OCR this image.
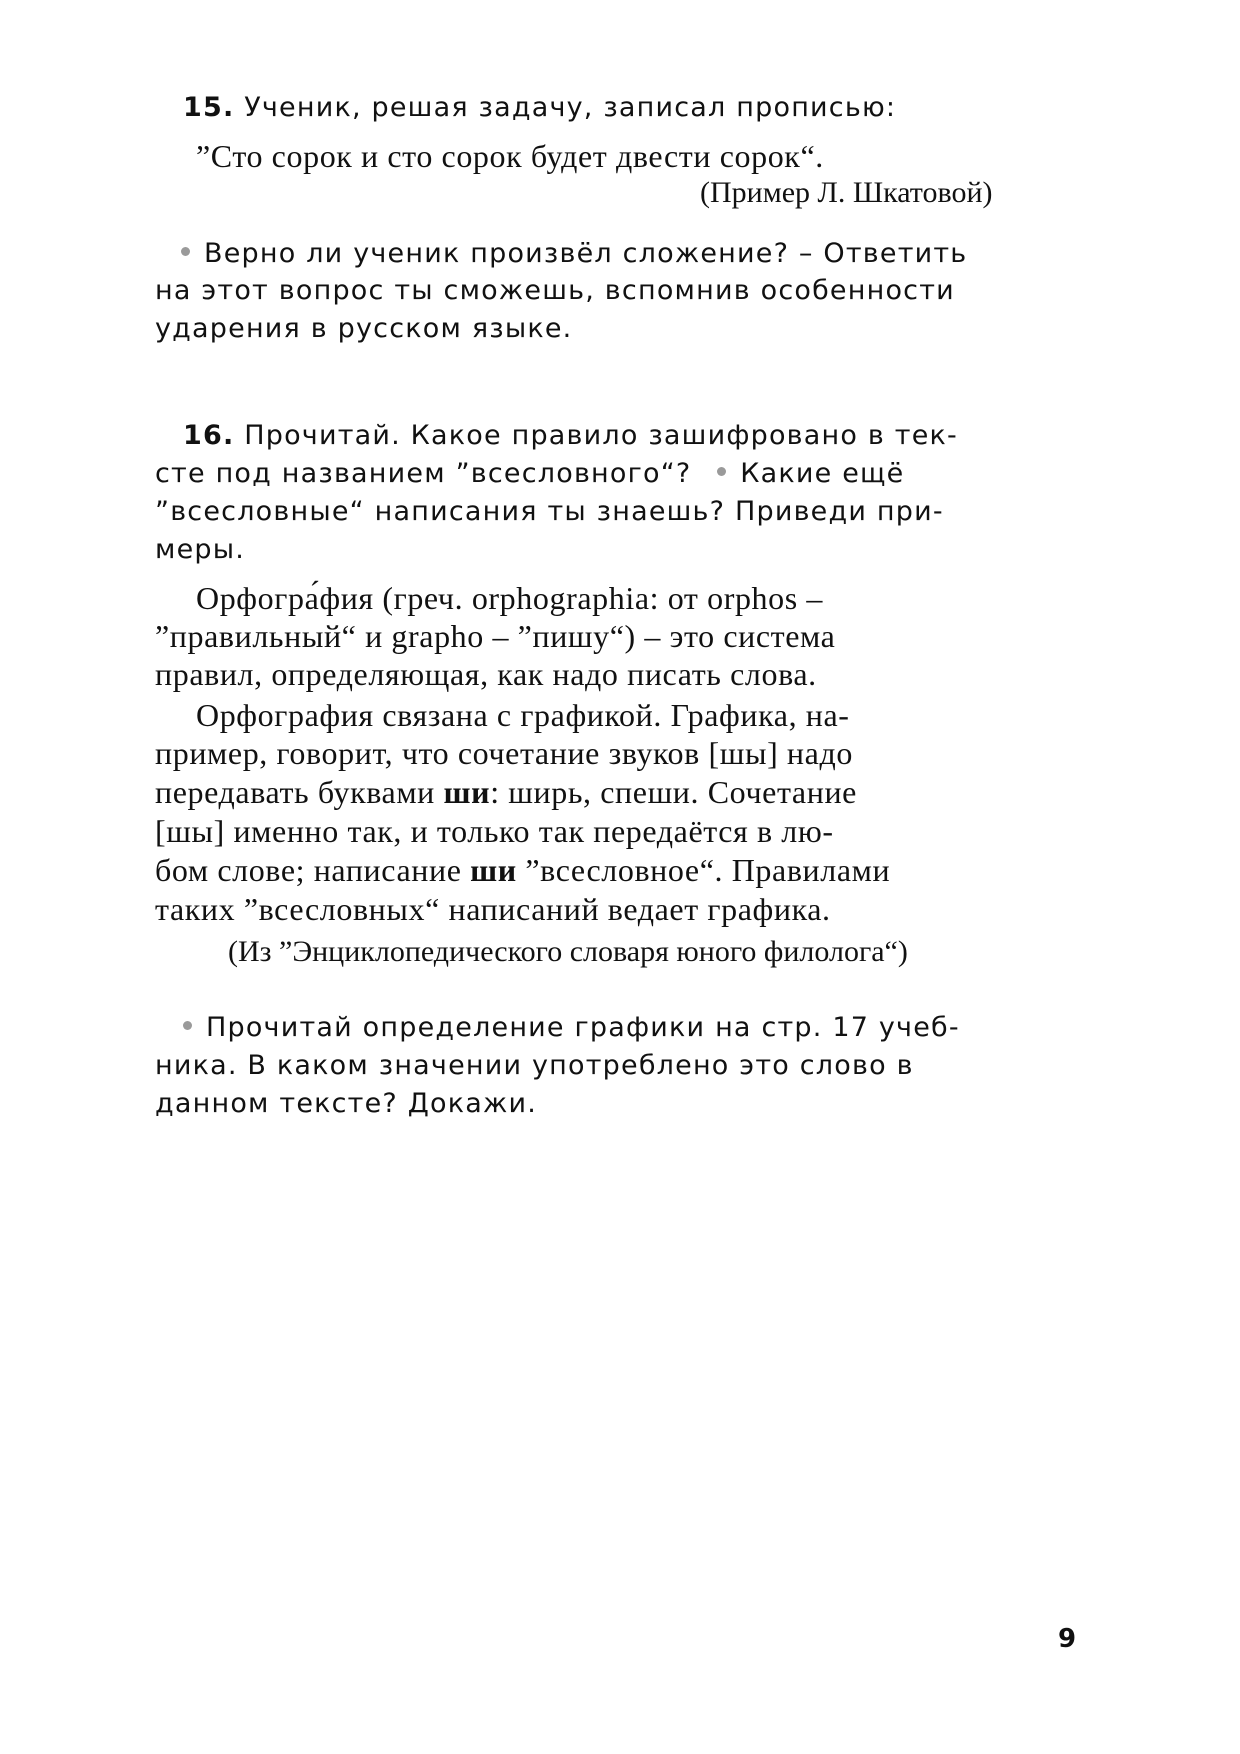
15. Ученик, решая задачу, записал прописью:
”Сто сорок и сто сорок будет двести сорок“.
(Пример Л. Шкатовой)
Верно ли ученик произвёл сложение? – Ответить
на этот вопрос ты сможешь, вспомнив особенности
ударения в русском языке.
16. Прочитай. Какое правило зашифровано в тек-
сте под названием ”всесловного“? Какие ещё
”всесловные“ написания ты знаешь? Приведи при-
меры.
Орфогра́фия (греч. orphographia: от orphos –
”правильный“ и grapho – ”пишу“) – это система
правил, определяющая, как надо писать слова.
Орфография связана с графикой. Графика, на-
пример, говорит, что сочетание звуков [шы] надо
передавать буквами ши: ширь, спеши. Сочетание
[шы] именно так, и только так передаётся в лю-
бом слове; написание ши ”всесловное“. Правилами
таких ”всесловных“ написаний ведает графика.
(Из ”Энциклопедического словаря юного филолога“)
Прочитай определение графики на стр. 17 учеб-
ника. В каком значении употреблено это слово в
данном тексте? Докажи.
9
